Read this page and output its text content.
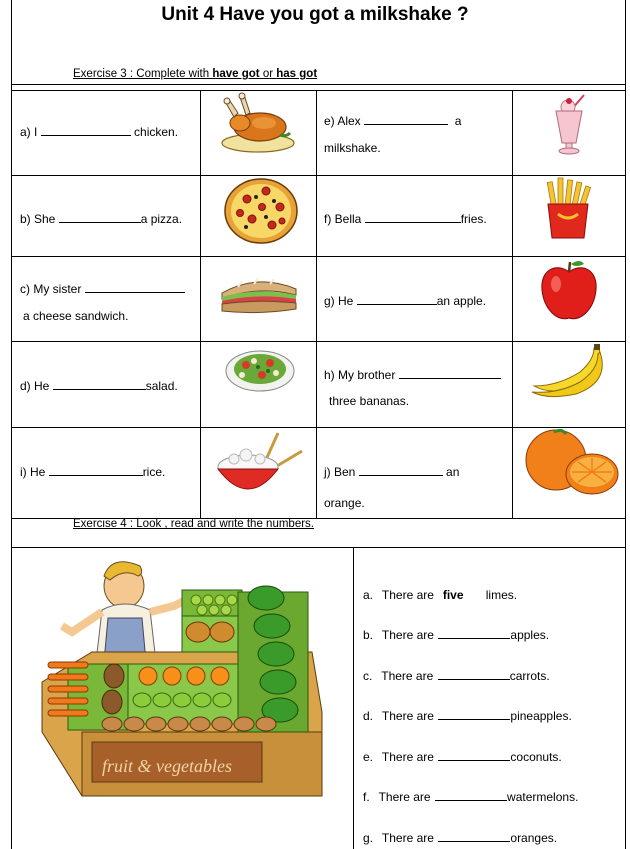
Unit 4 Have you got a milkshake ?
Exercise 3 : Complete with have got or has got
a) I	chicken.
b) She	a pizza.
c) My sister
a cheese sandwich.
d) He	salad.
i) He	rice.
e) Alex	a
milkshake.
f) Bella	fries.
g) He	an apple.
h) My brother
three bananas.
j) Ben	an
orange.
Exercise 4 : Look , read and write the numbers.
fruit & vegetables
a. There are five limes.
b. There are	apples.
c. There are	carrots.
d. There are	pineapples.
e. There are	coconuts.
f. There are	watermelons.
g. There are	oranges.
